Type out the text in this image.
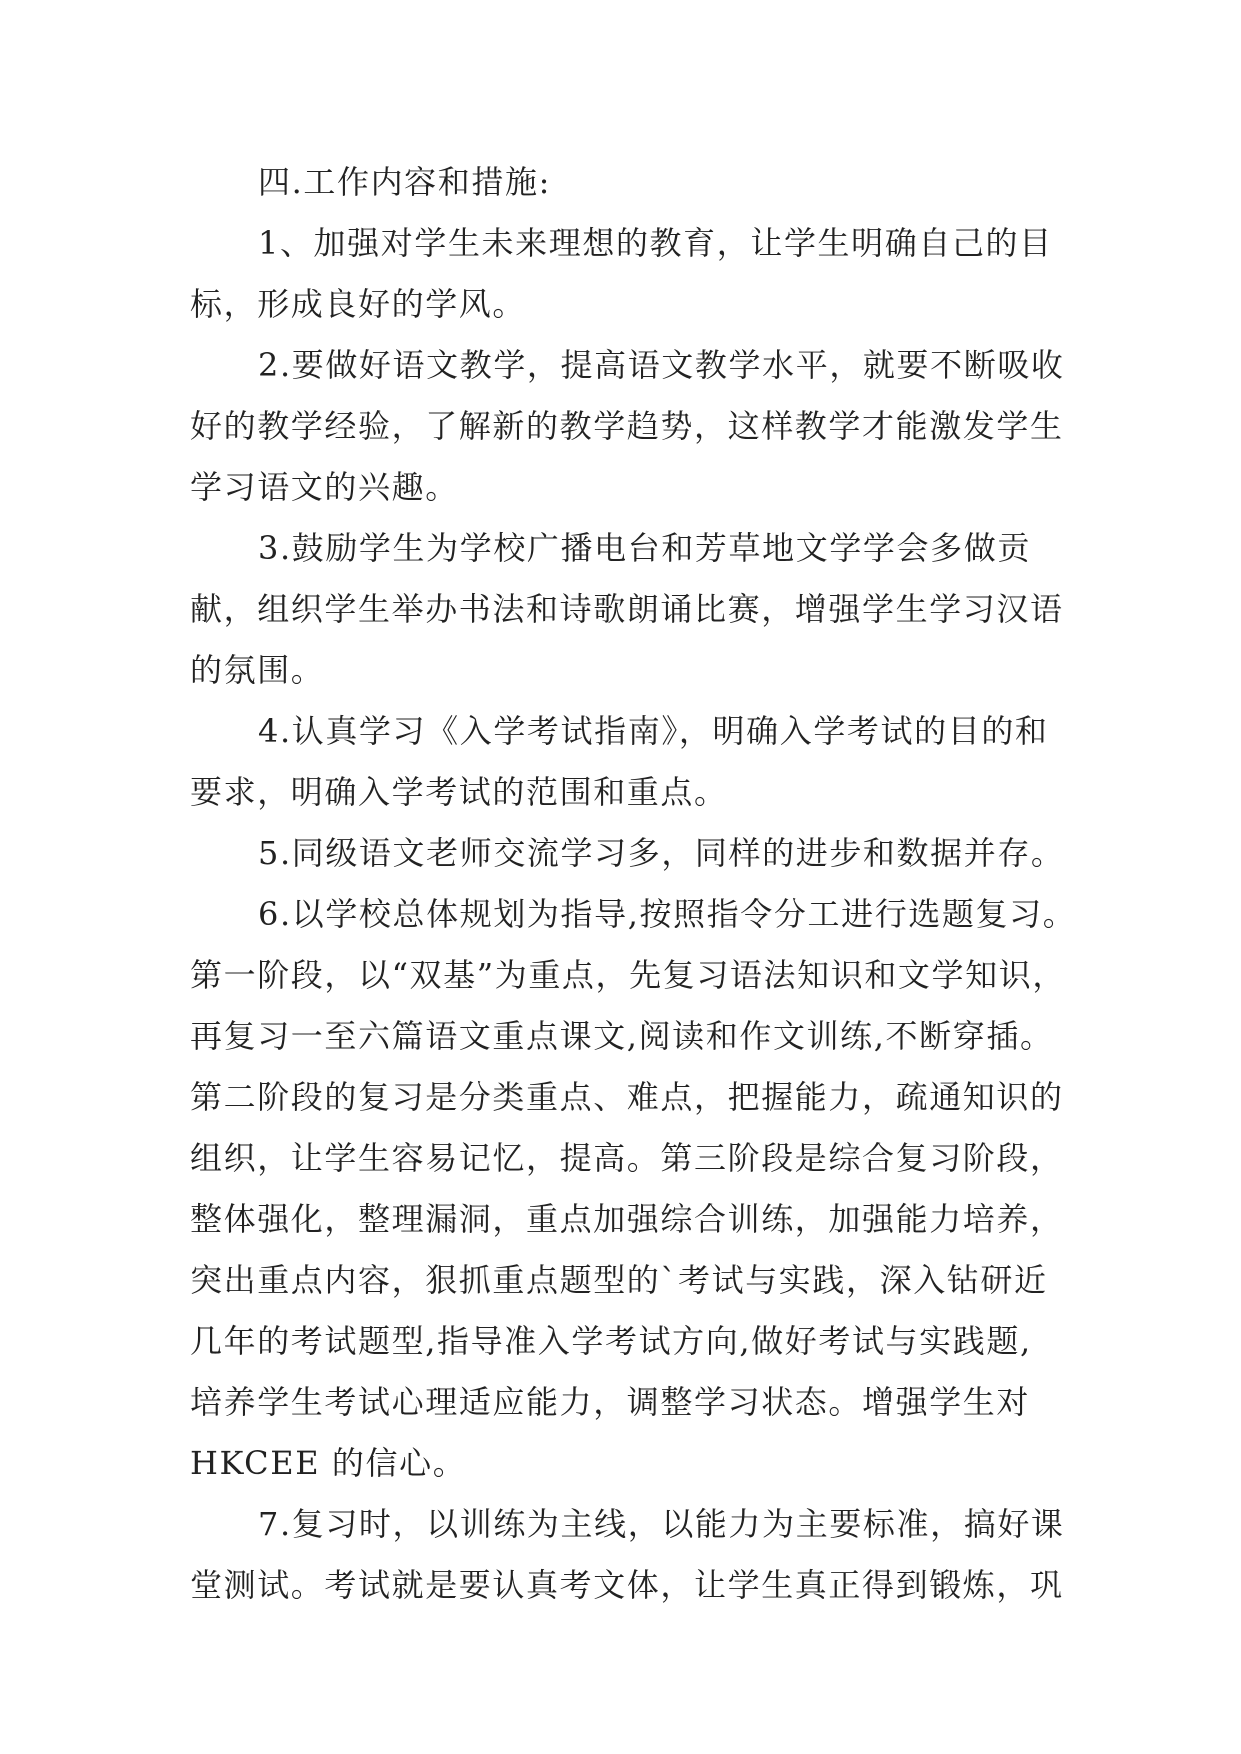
四.工作内容和措施:
1、加强对学生未来理想的教育，让学生明确自己的目
标，形成良好的学风。
2.要做好语文教学，提高语文教学水平，就要不断吸收
好的教学经验，了解新的教学趋势，这样教学才能激发学生
学习语文的兴趣。
3.鼓励学生为学校广播电台和芳草地文学学会多做贡
献，组织学生举办书法和诗歌朗诵比赛，增强学生学习汉语
的氛围。
4.认真学习《入学考试指南》，明确入学考试的目的和
要求，明确入学考试的范围和重点。
5.同级语文老师交流学习多，同样的进步和数据并存。
6.以学校总体规划为指导,按照指令分工进行选题复习。
第一阶段，以“双基”为重点，先复习语法知识和文学知识，
再复习一至六篇语文重点课文,阅读和作文训练,不断穿插。
第二阶段的复习是分类重点、难点，把握能力，疏通知识的
组织，让学生容易记忆，提高。第三阶段是综合复习阶段，
整体强化，整理漏洞，重点加强综合训练，加强能力培养，
突出重点内容，狠抓重点题型的`考试与实践，深入钻研近
几年的考试题型,指导准入学考试方向,做好考试与实践题,
培养学生考试心理适应能力，调整学习状态。增强学生对
HKCEE 的信心。
7.复习时，以训练为主线，以能力为主要标准，搞好课
堂测试。考试就是要认真考文体，让学生真正得到锻炼，巩
